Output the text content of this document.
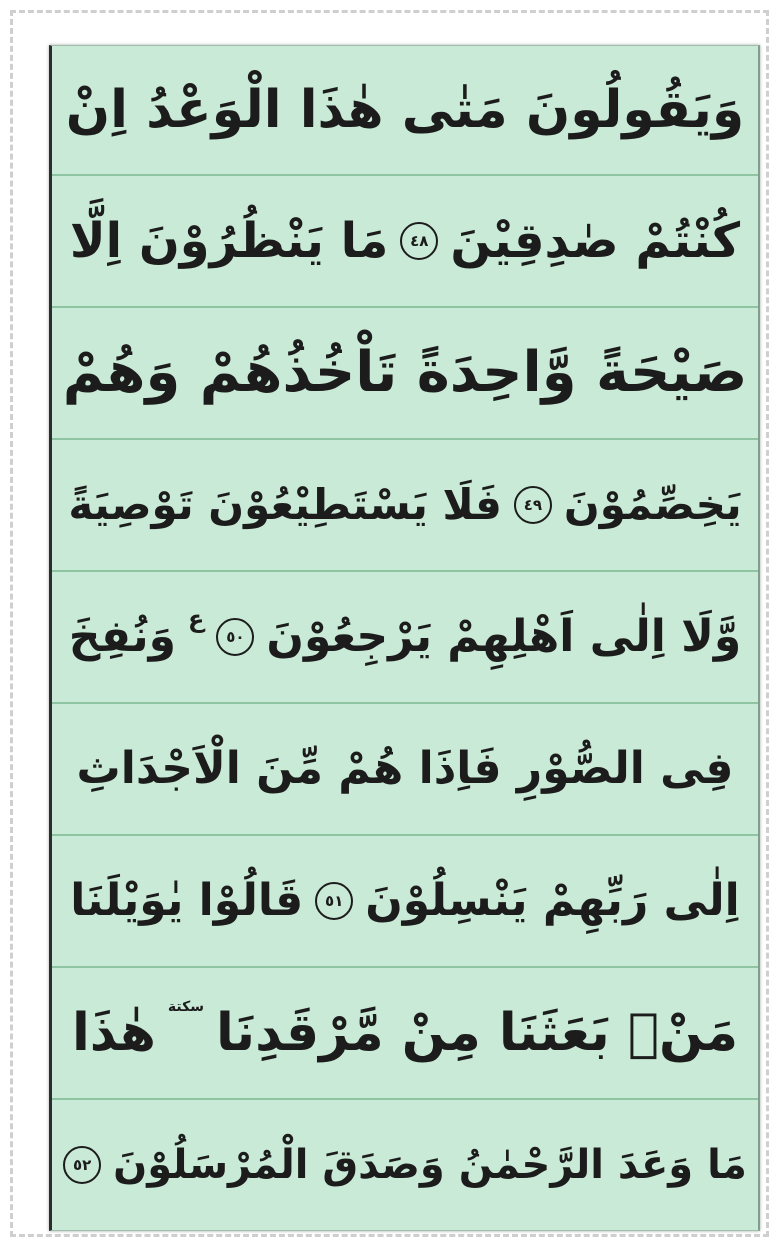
وَيَقُولُونَ مَتٰى هٰذَا الْوَعْدُ اِنْ
كُنْتُمْ صٰدِقِيْنَ
٤٨
مَا يَنْظُرُوْنَ اِلَّا
صَيْحَةً وَّاحِدَةً تَاْخُذُهُمْ وَهُمْ
يَخِصِّمُوْنَ
٤٩
فَلَا يَسْتَطِيْعُوْنَ تَوْصِيَةً
وَّلَا اِلٰى اَهْلِهِمْ يَرْجِعُوْنَ
٥٠
ع
وَنُفِخَ
فِى الصُّوْرِ فَاِذَا هُمْ مِّنَ الْاَجْدَاثِ
اِلٰى رَبِّهِمْ يَنْسِلُوْنَ
٥١
قَالُوْا يٰوَيْلَنَا
مَنْۢ بَعَثَنَا مِنْ مَّرْقَدِنَا
سكتة
هٰذَا
مَا وَعَدَ الرَّحْمٰنُ وَصَدَقَ الْمُرْسَلُوْنَ
٥٢
